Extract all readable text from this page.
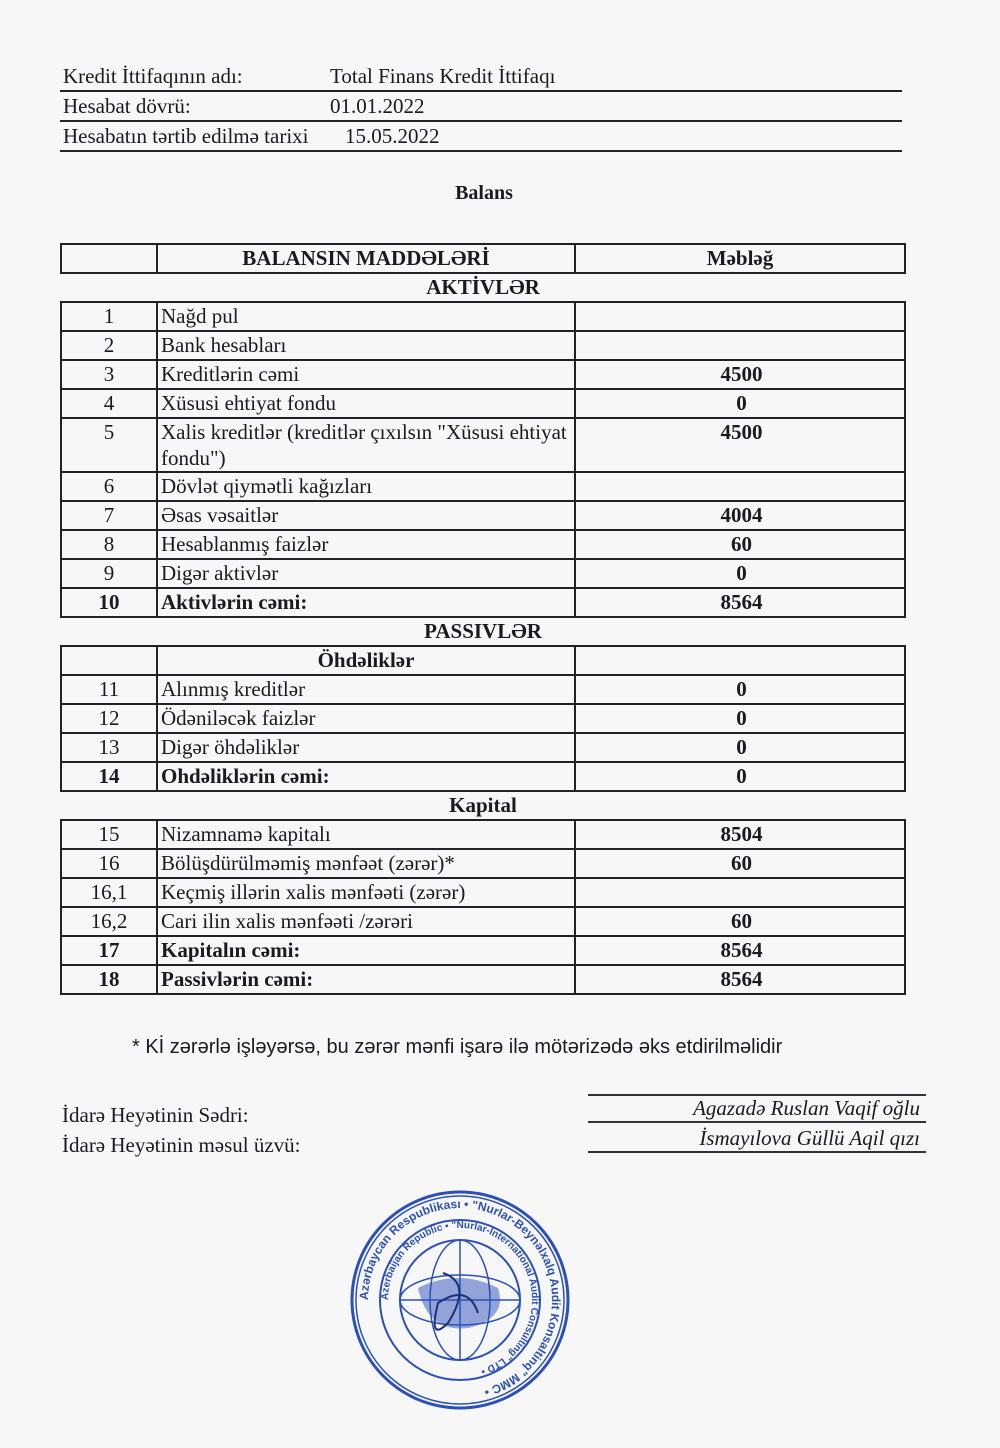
Kredit İttifaqının adı:	Total Finans Kredit İttifaqı
Hesabat dövrü:	01.01.2022
Hesabatın tərtib edilmə tarixi 15.05.2022
Balans
	BALANSIN MADDƏLƏRİ	Məbləğ
AKTİVLƏR		
1	Nağd pul	
2	Bank hesabları	
3	Kreditlərin cəmi	4500
4	Xüsusi ehtiyat fondu	0
5	Xalis kreditlər (kreditlər çıxılsın "Xüsusi ehtiyat fondu")	4500
6	Dövlət qiymətli kağızları	
7	Əsas vəsaitlər	4004
8	Hesablanmış faizlər	60
9	Digər aktivlər	0
10	Aktivlərin cəmi:	8564
PASSIVLƏR		
	Öhdəliklər	
11	Alınmış kreditlər	0
12	Ödəniləcək faizlər	0
13	Digər öhdəliklər	0
14	Ohdəliklərin cəmi:	0
Kapital		
15	Nizamnamə kapitalı	8504
16	Bölüşdürülməmiş mənfəət (zərər)*	60
16,1	Keçmiş illərin xalis mənfəəti (zərər)	
16,2	Cari ilin xalis mənfəəti /zərəri	60
17	Kapitalın cəmi:	8564
18	Passivlərin cəmi:	8564
* Kİ zərərlə işləyərsə, bu zərər mənfi işarə ilə mötərizədə əks etdirilməlidir
İdarə Heyətinin Sədri:
İdarə Heyətinin məsul üzvü:
Agazadə Ruslan Vaqif oğlu
İsmayılova Güllü Aqil qızı
Azərbaycan Respublikası • "Nurlar-Beynəlxalq Audit Konsaltinq" MMC •
Azerbaijan Republic • "Nurlar-International Audit Consulting" LTD •
